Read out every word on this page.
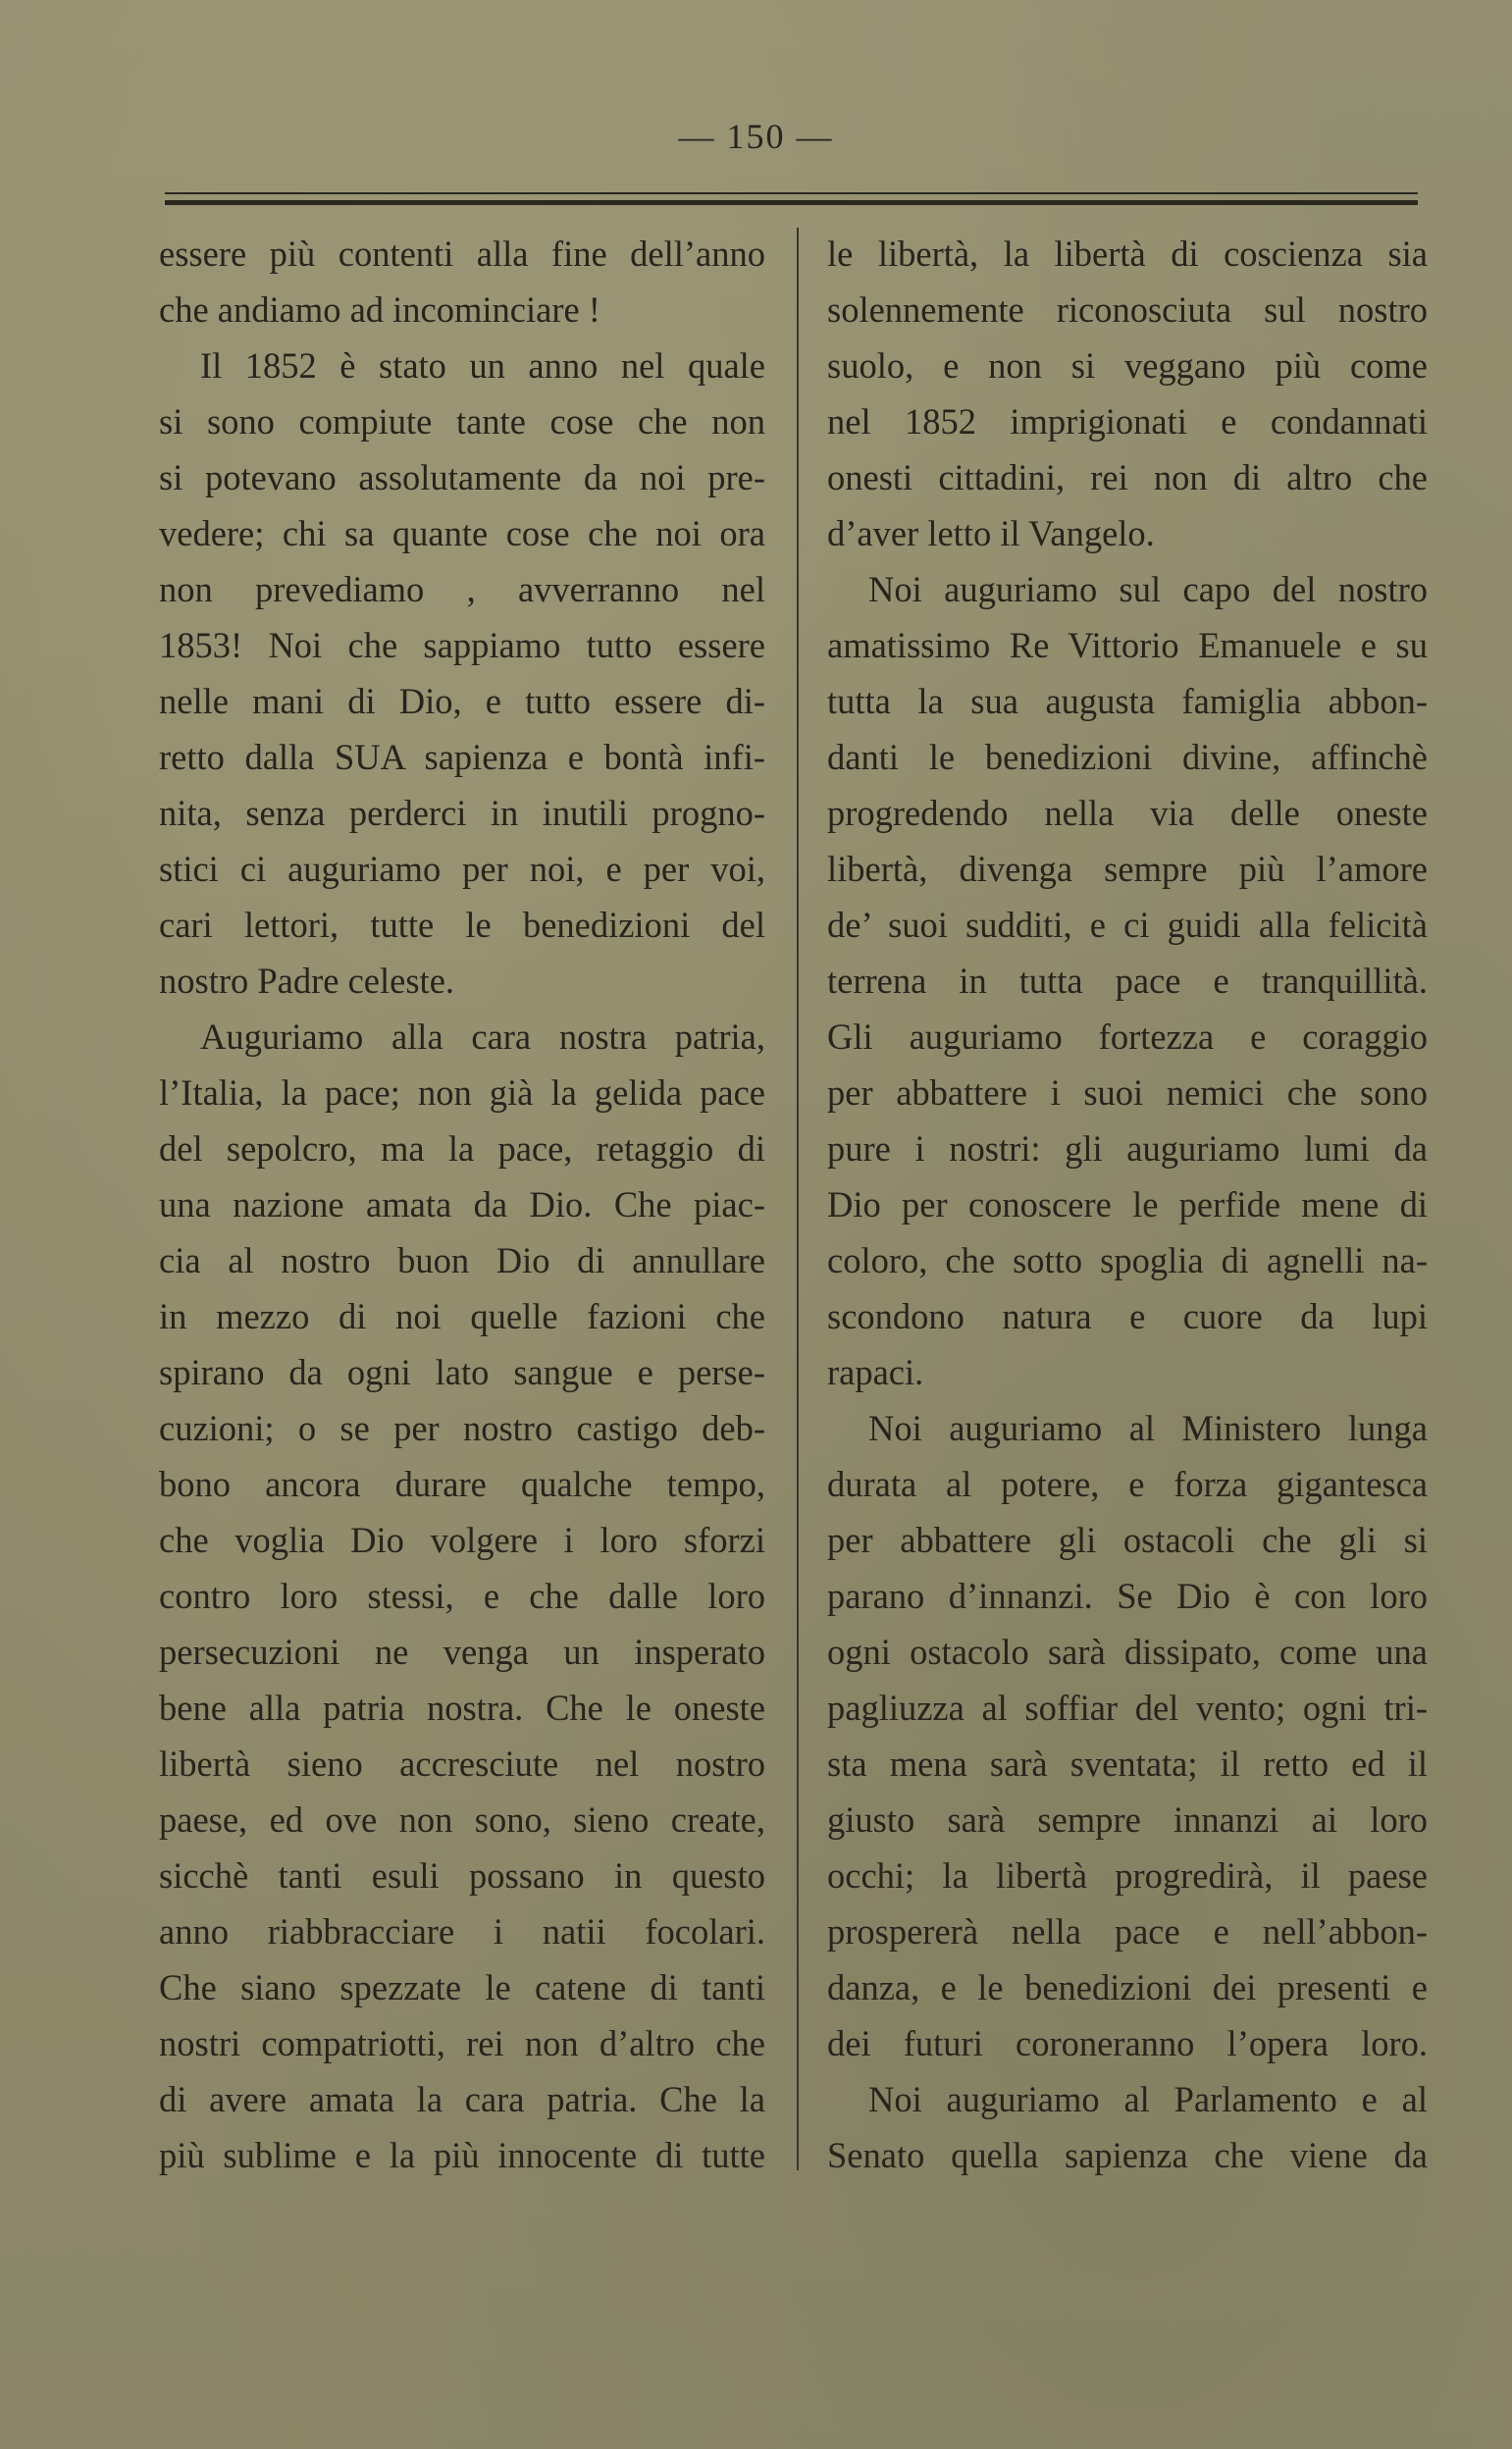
— 150 —
essere più contenti alla fine dell’anno
che andiamo ad incominciare !
Il 1852 è stato un anno nel quale
si sono compiute tante cose che non
si potevano assolutamente da noi pre-
vedere; chi sa quante cose che noi ora
non prevediamo , avverranno nel
1853! Noi che sappiamo tutto essere
nelle mani di Dio, e tutto essere di-
retto dalla SUA sapienza e bontà infi-
nita, senza perderci in inutili progno-
stici ci auguriamo per noi, e per voi,
cari lettori, tutte le benedizioni del
nostro Padre celeste.
Auguriamo alla cara nostra patria,
l’Italia, la pace; non già la gelida pace
del sepolcro, ma la pace, retaggio di
una nazione amata da Dio. Che piac-
cia al nostro buon Dio di annullare
in mezzo di noi quelle fazioni che
spirano da ogni lato sangue e perse-
cuzioni; o se per nostro castigo deb-
bono ancora durare qualche tempo,
che voglia Dio volgere i loro sforzi
contro loro stessi, e che dalle loro
persecuzioni ne venga un insperato
bene alla patria nostra. Che le oneste
libertà sieno accresciute nel nostro
paese, ed ove non sono, sieno create,
sicchè tanti esuli possano in questo
anno riabbracciare i natii focolari.
Che siano spezzate le catene di tanti
nostri compatriotti, rei non d’altro che
di avere amata la cara patria. Che la
più sublime e la più innocente di tutte
le libertà, la libertà di coscienza sia
solennemente riconosciuta sul nostro
suolo, e non si veggano più come
nel 1852 imprigionati e condannati
onesti cittadini, rei non di altro che
d’aver letto il Vangelo.
Noi auguriamo sul capo del nostro
amatissimo Re Vittorio Emanuele e su
tutta la sua augusta famiglia abbon-
danti le benedizioni divine, affinchè
progredendo nella via delle oneste
libertà, divenga sempre più l’amore
de’ suoi sudditi, e ci guidi alla felicità
terrena in tutta pace e tranquillità.
Gli auguriamo fortezza e coraggio
per abbattere i suoi nemici che sono
pure i nostri: gli auguriamo lumi da
Dio per conoscere le perfide mene di
coloro, che sotto spoglia di agnelli na-
scondono natura e cuore da lupi
rapaci.
Noi auguriamo al Ministero lunga
durata al potere, e forza gigantesca
per abbattere gli ostacoli che gli si
parano d’innanzi. Se Dio è con loro
ogni ostacolo sarà dissipato, come una
pagliuzza al soffiar del vento; ogni tri-
sta mena sarà sventata; il retto ed il
giusto sarà sempre innanzi ai loro
occhi; la libertà progredirà, il paese
prospererà nella pace e nell’abbon-
danza, e le benedizioni dei presenti e
dei futuri coroneranno l’opera loro.
Noi auguriamo al Parlamento e al
Senato quella sapienza che viene da
